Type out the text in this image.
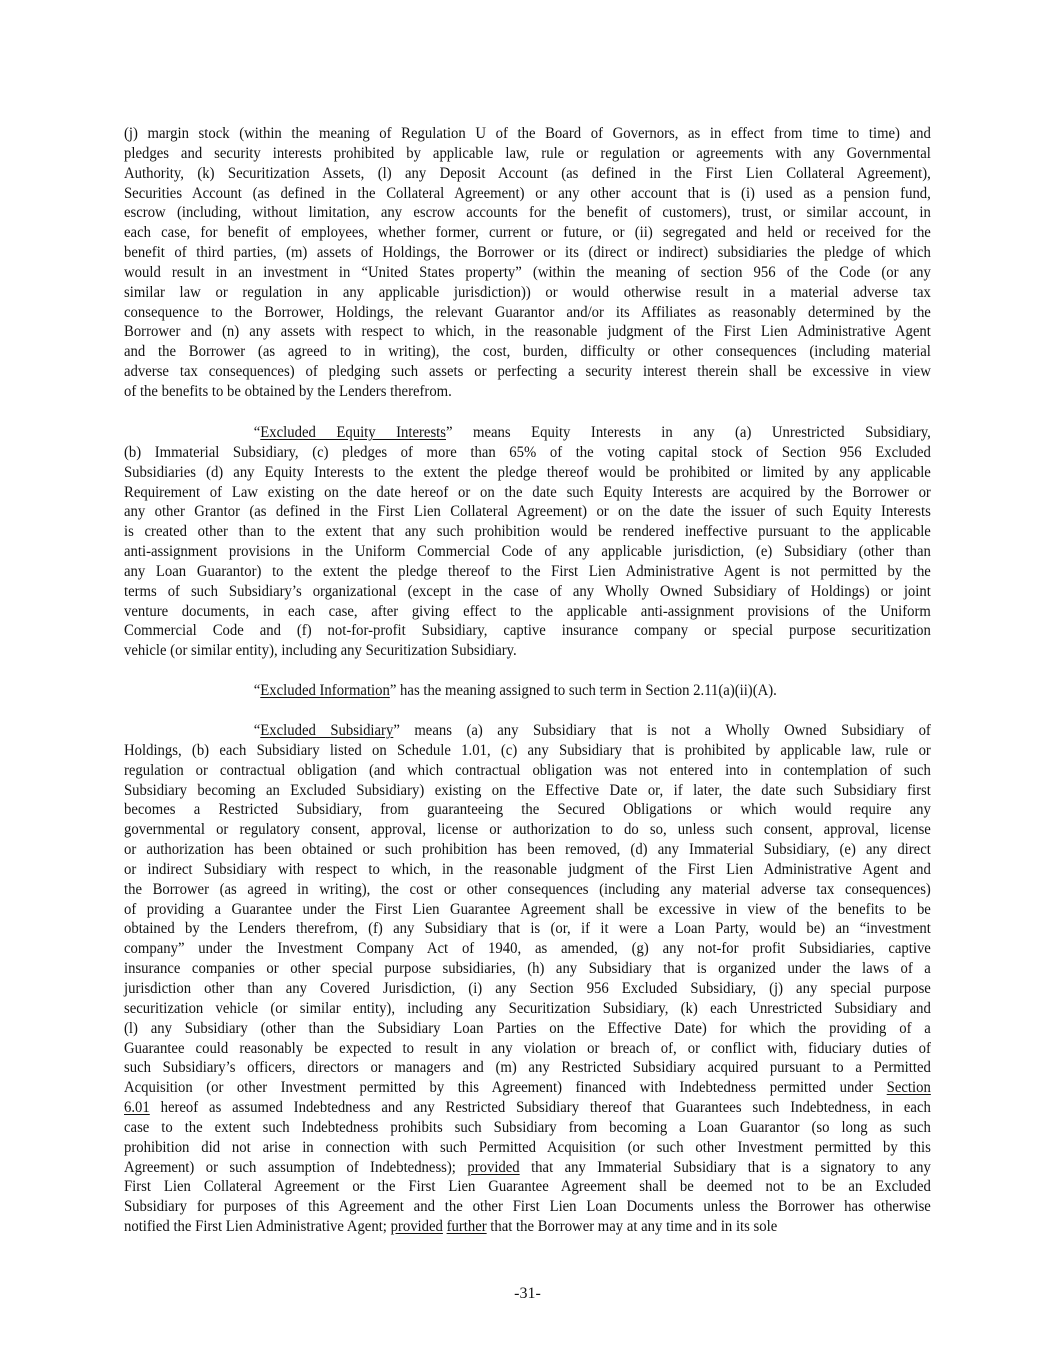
(j) margin stock (within the meaning of Regulation U of the Board of Governors, as in effect from time to time) and
pledges and security interests prohibited by applicable law, rule or regulation or agreements with any Governmental
Authority, (k) Securitization Assets, (l) any Deposit Account (as defined in the First Lien Collateral Agreement),
Securities Account (as defined in the Collateral Agreement) or any other account that is (i) used as a pension fund,
escrow (including, without limitation, any escrow accounts for the benefit of customers), trust, or similar account, in
each case, for benefit of employees, whether former, current or future, or (ii) segregated and held or received for the
benefit of third parties, (m) assets of Holdings, the Borrower or its (direct or indirect) subsidiaries the pledge of which
would result in an investment in “United States property” (within the meaning of section 956 of the Code (or any
similar law or regulation in any applicable jurisdiction)) or would otherwise result in a material adverse tax
consequence to the Borrower, Holdings, the relevant Guarantor and/or its Affiliates as reasonably determined by the
Borrower and (n) any assets with respect to which, in the reasonable judgment of the First Lien Administrative Agent
and the Borrower (as agreed to in writing), the cost, burden, difficulty or other consequences (including material
adverse tax consequences) of pledging such assets or perfecting a security interest therein shall be excessive in view
of the benefits to be obtained by the Lenders therefrom.
“Excluded Equity Interests” means Equity Interests in any (a) Unrestricted Subsidiary,
(b) Immaterial Subsidiary, (c) pledges of more than 65% of the voting capital stock of Section 956 Excluded
Subsidiaries (d) any Equity Interests to the extent the pledge thereof would be prohibited or limited by any applicable
Requirement of Law existing on the date hereof or on the date such Equity Interests are acquired by the Borrower or
any other Grantor (as defined in the First Lien Collateral Agreement) or on the date the issuer of such Equity Interests
is created other than to the extent that any such prohibition would be rendered ineffective pursuant to the applicable
anti-assignment provisions in the Uniform Commercial Code of any applicable jurisdiction, (e) Subsidiary (other than
any Loan Guarantor) to the extent the pledge thereof to the First Lien Administrative Agent is not permitted by the
terms of such Subsidiary’s organizational (except in the case of any Wholly Owned Subsidiary of Holdings) or joint
venture documents, in each case, after giving effect to the applicable anti-assignment provisions of the Uniform
Commercial Code and (f) not-for-profit Subsidiary, captive insurance company or special purpose securitization
vehicle (or similar entity), including any Securitization Subsidiary.
“Excluded Information” has the meaning assigned to such term in Section 2.11(a)(ii)(A).
“Excluded Subsidiary” means (a) any Subsidiary that is not a Wholly Owned Subsidiary of
Holdings, (b) each Subsidiary listed on Schedule 1.01, (c) any Subsidiary that is prohibited by applicable law, rule or
regulation or contractual obligation (and which contractual obligation was not entered into in contemplation of such
Subsidiary becoming an Excluded Subsidiary) existing on the Effective Date or, if later, the date such Subsidiary first
becomes a Restricted Subsidiary, from guaranteeing the Secured Obligations or which would require any
governmental or regulatory consent, approval, license or authorization to do so, unless such consent, approval, license
or authorization has been obtained or such prohibition has been removed, (d) any Immaterial Subsidiary, (e) any direct
or indirect Subsidiary with respect to which, in the reasonable judgment of the First Lien Administrative Agent and
the Borrower (as agreed in writing), the cost or other consequences (including any material adverse tax consequences)
of providing a Guarantee under the First Lien Guarantee Agreement shall be excessive in view of the benefits to be
obtained by the Lenders therefrom, (f) any Subsidiary that is (or, if it were a Loan Party, would be) an “investment
company” under the Investment Company Act of 1940, as amended, (g) any not-for profit Subsidiaries, captive
insurance companies or other special purpose subsidiaries, (h) any Subsidiary that is organized under the laws of a
jurisdiction other than any Covered Jurisdiction, (i) any Section 956 Excluded Subsidiary, (j) any special purpose
securitization vehicle (or similar entity), including any Securitization Subsidiary, (k) each Unrestricted Subsidiary and
(l) any Subsidiary (other than the Subsidiary Loan Parties on the Effective Date) for which the providing of a
Guarantee could reasonably be expected to result in any violation or breach of, or conflict with, fiduciary duties of
such Subsidiary’s officers, directors or managers and (m) any Restricted Subsidiary acquired pursuant to a Permitted
Acquisition (or other Investment permitted by this Agreement) financed with Indebtedness permitted under Section
6.01 hereof as assumed Indebtedness and any Restricted Subsidiary thereof that Guarantees such Indebtedness, in each
case to the extent such Indebtedness prohibits such Subsidiary from becoming a Loan Guarantor (so long as such
prohibition did not arise in connection with such Permitted Acquisition (or such other Investment permitted by this
Agreement) or such assumption of Indebtedness); provided that any Immaterial Subsidiary that is a signatory to any
First Lien Collateral Agreement or the First Lien Guarantee Agreement shall be deemed not to be an Excluded
Subsidiary for purposes of this Agreement and the other First Lien Loan Documents unless the Borrower has otherwise
notified the First Lien Administrative Agent; provided further that the Borrower may at any time and in its sole
-31-
